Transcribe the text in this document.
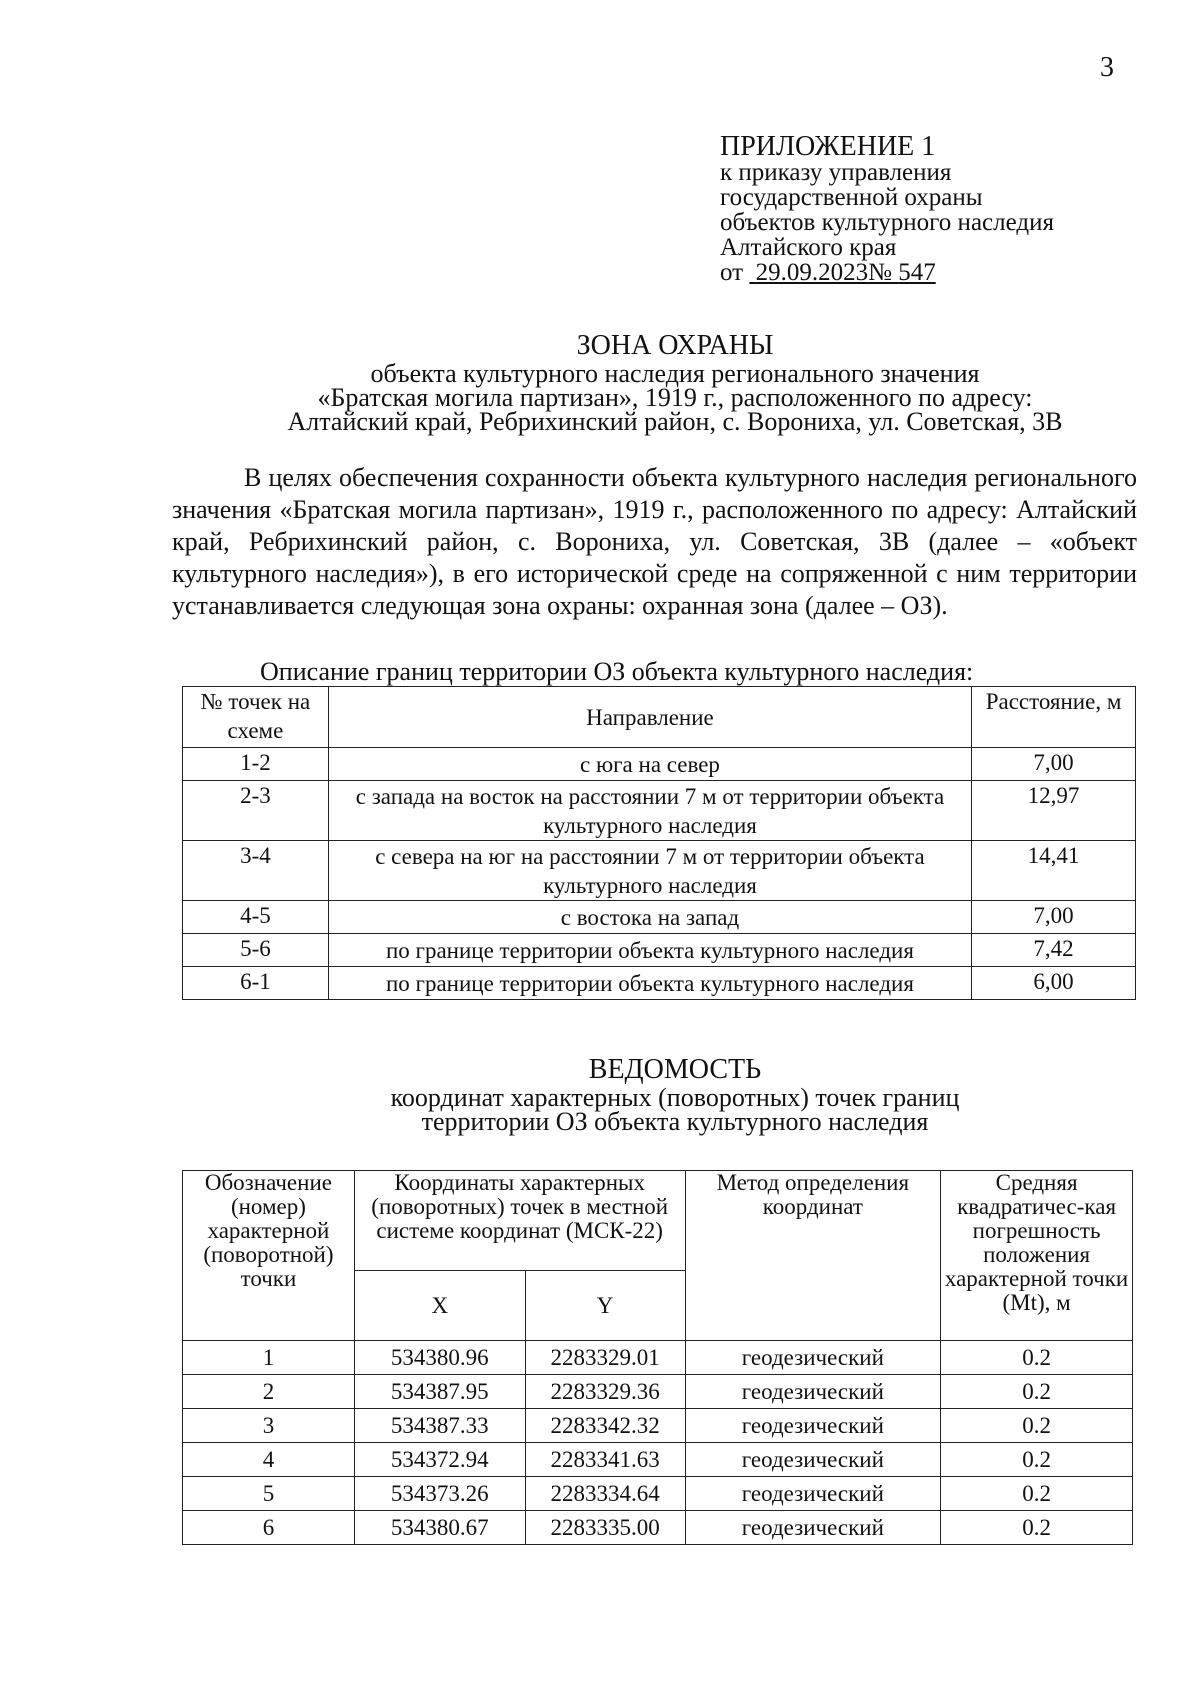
3
ПРИЛОЖЕНИЕ 1
к приказу управления
государственной охраны
объектов культурного наследия
Алтайского края
от 29.09.2023№ 547
ЗОНА ОХРАНЫ
объекта культурного наследия регионального значения
«Братская могила партизан», 1919 г., расположенного по адресу:
Алтайский край, Ребрихинский район, с. Ворониха, ул. Советская, 3В

В целях обеспечения сохранности объекта культурного наследия регионального значения «Братская могила партизан», 1919 г., расположенного по адресу: Алтайский край, Ребрихинский район, с. Ворониха, ул. Советская, 3В (далее – «объект культурного наследия»), в его исторической среде на сопряженной с ним территории устанавливается следующая зона охраны: охранная зона (далее – ОЗ).

Описание границ территории ОЗ объекта культурного наследия:
№ точек на схеме	Направление	Расстояние, м
1-2	с юга на север	7,00
2-3	с запада на восток на расстоянии 7 м от территории объекта культурного наследия	12,97
3-4	с севера на юг на расстоянии 7 м от территории объекта культурного наследия	14,41
4-5	с востока на запад	7,00
5-6	по границе территории объекта культурного наследия	7,42
6-1	по границе территории объекта культурного наследия	6,00
ВЕДОМОСТЬ
координат характерных (поворотных) точек границ
территории ОЗ объекта культурного наследия
Обозначение (номер) характерной (поворотной) точки	Координаты характерных (поворотных) точек в местной системе координат (МСК-22)		Метод определения координат	Средняя квадратичес-кая погрешность положения характерной точки (Mt), м
	X	Y		
1	534380.96	2283329.01	геодезический	0.2
2	534387.95	2283329.36	геодезический	0.2
3	534387.33	2283342.32	геодезический	0.2
4	534372.94	2283341.63	геодезический	0.2
5	534373.26	2283334.64	геодезический	0.2
6	534380.67	2283335.00	геодезический	0.2
